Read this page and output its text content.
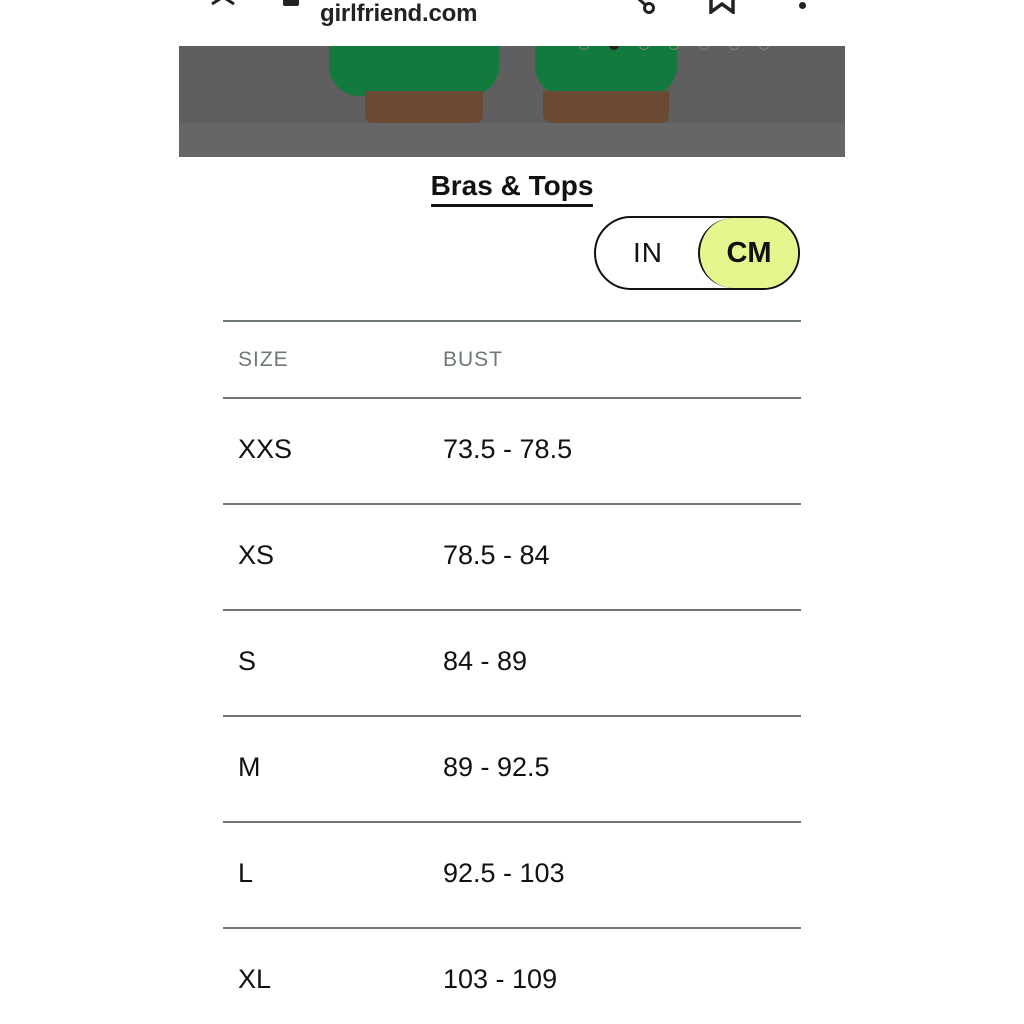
girlfriend.com
Bras & Tops
IN	CM
SIZE	BUST
XXS	73.5 - 78.5
XS	78.5 - 84
S	84 - 89
M	89 - 92.5
L	92.5 - 103
XL	103 - 109
